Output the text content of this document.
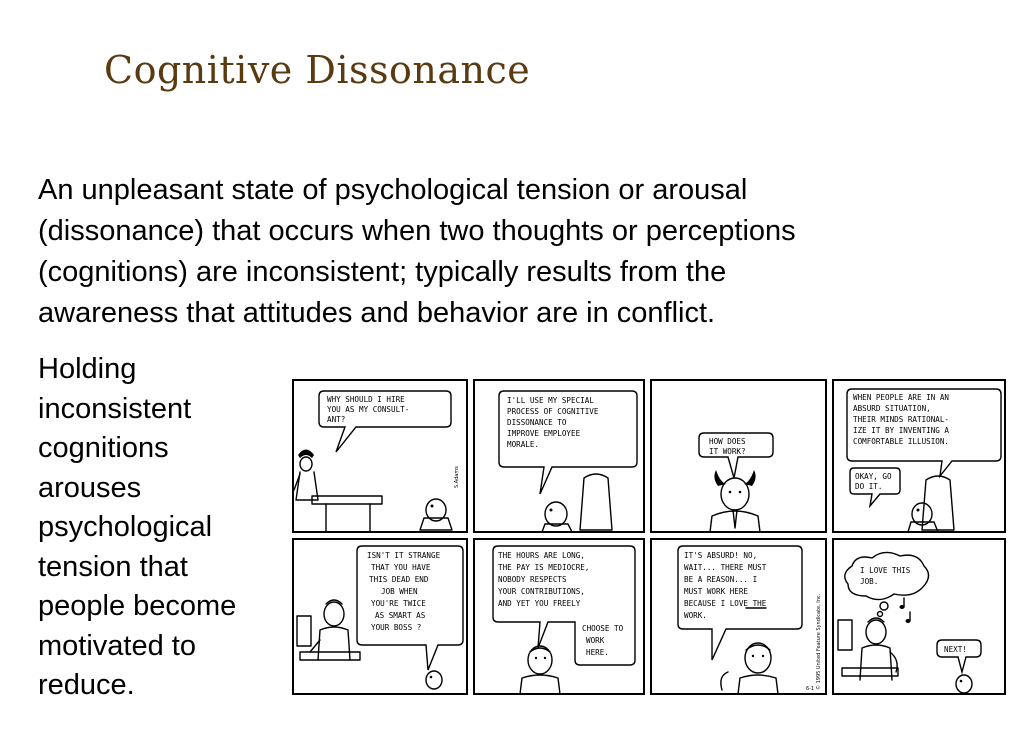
Cognitive Dissonance
An unpleasant state of psychological tension or arousal
(dissonance) that occurs when two thoughts or perceptions
(cognitions) are inconsistent; typically results from the
awareness that attitudes and behavior are in conflict.
Holding
inconsistent
cognitions
arouses
psychological
tension that
people become
motivated to
reduce.
WHY SHOULD I HIRE
YOU AS MY CONSULT-
ANT?
S.Adams
I'LL USE MY SPECIAL
PROCESS OF COGNITIVE
DISSONANCE TO
IMPROVE EMPLOYEE
MORALE.	HOW DOES
IT WORK?
WHEN PEOPLE ARE IN AN
ABSURD SITUATION,
THEIR MINDS RATIONAL-
IZE IT BY INVENTING A
COMFORTABLE ILLUSION.
OKAY, GO
DO IT.
ISN'T IT STRANGE
THAT YOU HAVE
THIS DEAD END
JOB WHEN
YOU'RE TWICE
AS SMART AS
YOUR BOSS ?
THE HOURS ARE LONG,
THE PAY IS MEDIOCRE,
NOBODY RESPECTS
YOUR CONTRIBUTIONS,
AND YET YOU FREELY
CHOOSE TO
WORK
HERE.
IT'S ABSURD! NO,
WAIT... THERE MUST
BE A REASON... I
MUST WORK HERE
BECAUSE I LOVE THE
WORK.	© 1995 United Feature Syndicate, Inc.
6-1
I LOVE THIS
JOB.
NEXT!
